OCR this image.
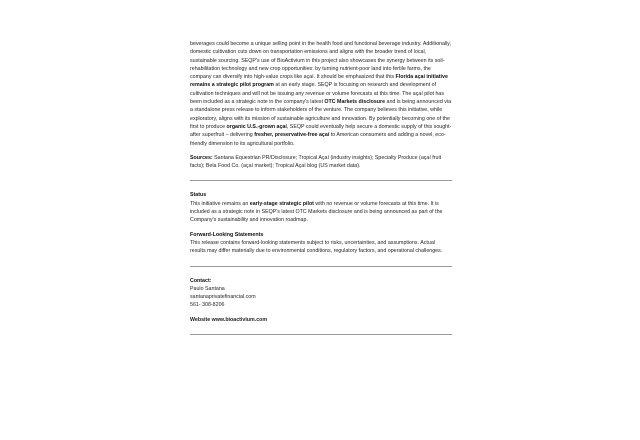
beverages could become a unique selling point in the health food and functional beverage industry. Additionally, domestic cultivation cuts down on transportation emissions and aligns with the broader trend of local, sustainable sourcing. SEQP's use of BioActivium in this project also showcases the synergy between its soil-rehabilitation technology and new crop opportunities: by turning nutrient-poor land into fertile farms, the company can diversify into high-value crops like açaí. It should be emphasized that this Florida açaí initiative remains a strategic pilot program at an early stage. SEQP is focusing on research and development of cultivation techniques and will not be issuing any revenue or volume forecasts at this time. The açaí pilot has been included as a strategic note in the company's latest OTC Markets disclosure and is being announced via a standalone press release to inform stakeholders of the venture. The company believes this initiative, while exploratory, aligns with its mission of sustainable agriculture and innovation. By potentially becoming one of the first to produce organic U.S.-grown açaí, SEQP could eventually help secure a domestic supply of this sought-after superfruit – delivering fresher, preservative-free açaí to American consumers and adding a novel, eco-friendly dimension to its agricultural portfolio.

Sources: Santana Equestrian PR/Disclosure; Tropical Açaí (industry insights); Specialty Produce (açaí fruit facts); Bela Food Co. (açaí market); Tropical Açaí blog (US market data).

Status

This initiative remains an early-stage strategic pilot with no revenue or volume forecasts at this time. It is included as a strategic note in SEQP's latest OTC Markets disclosure and is being announced as part of the Company's sustainability and innovation roadmap.

Forward-Looking Statements

This release contains forward-looking statements subject to risks, uncertainties, and assumptions. Actual results may differ materially due to environmental conditions, regulatory factors, and operational challenges.

Contact:

Paulo Santana

santanaprivatefinancial.com

561- 308-8206

Website www.bioactivium.com
